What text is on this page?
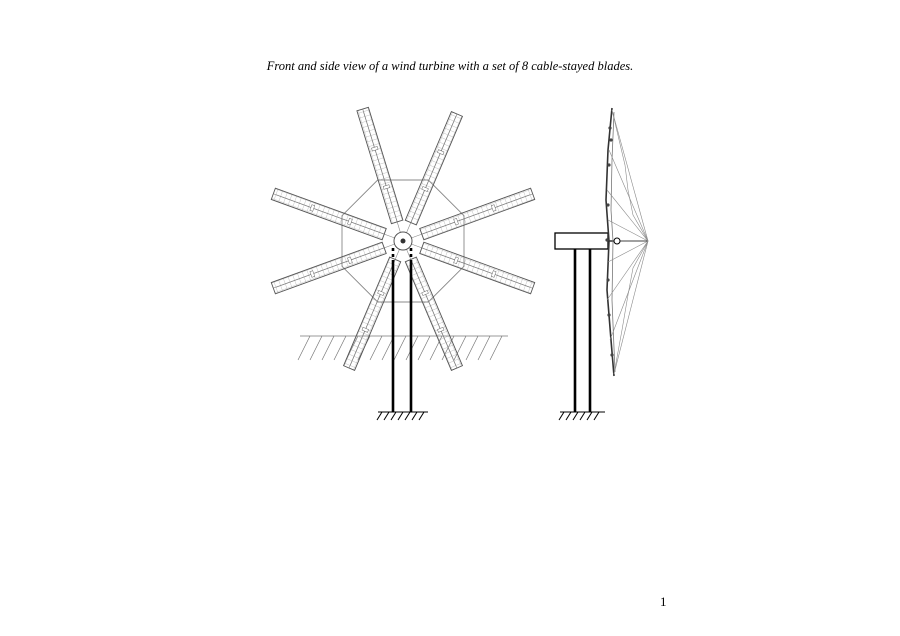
Front and side view of a wind turbine with a set of 8 cable-stayed blades.

1
